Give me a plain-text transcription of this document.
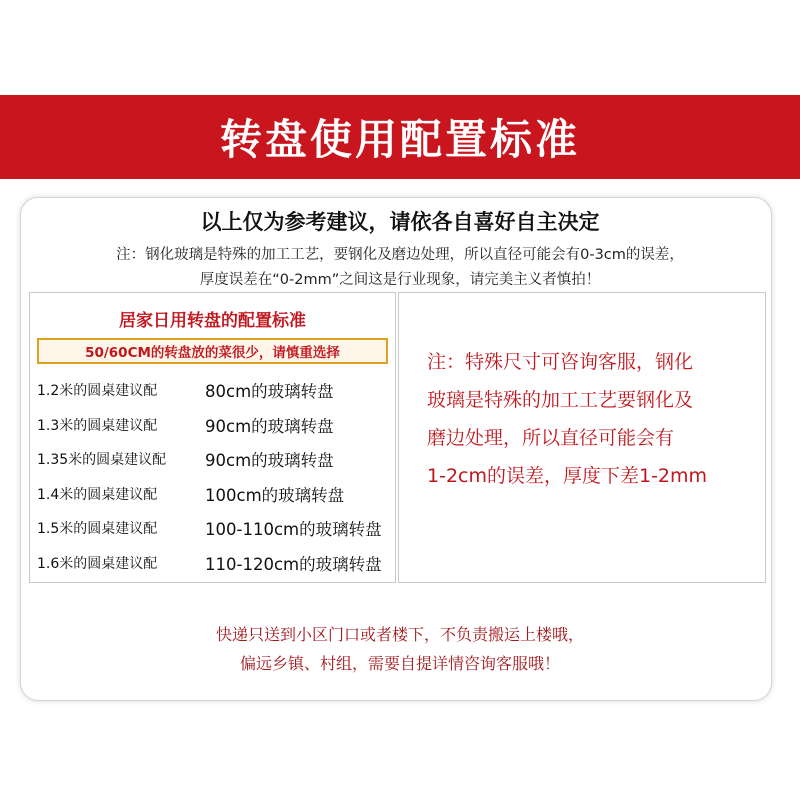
转盘使用配置标准
以上仅为参考建议，请依各自喜好自主决定
注：钢化玻璃是特殊的加工工艺，要钢化及磨边处理，所以直径可能会有0-3cm的误差，
厚度误差在“0-2mm”之间这是行业现象，请完美主义者慎拍！
居家日用转盘的配置标准
50/60CM的转盘放的菜很少，请慎重选择
1.2米的圆桌建议配	80cm的玻璃转盘
1.3米的圆桌建议配	90cm的玻璃转盘
1.35米的圆桌建议配	90cm的玻璃转盘
1.4米的圆桌建议配	100cm的玻璃转盘
1.5米的圆桌建议配	100-110cm的玻璃转盘
1.6米的圆桌建议配	110-120cm的玻璃转盘
注：特殊尺寸可咨询客服，钢化
玻璃是特殊的加工工艺要钢化及
磨边处理，所以直径可能会有
1-2cm的误差，厚度下差1-2mm
快递只送到小区门口或者楼下，不负责搬运上楼哦，
偏远乡镇、村组，需要自提详情咨询客服哦！
